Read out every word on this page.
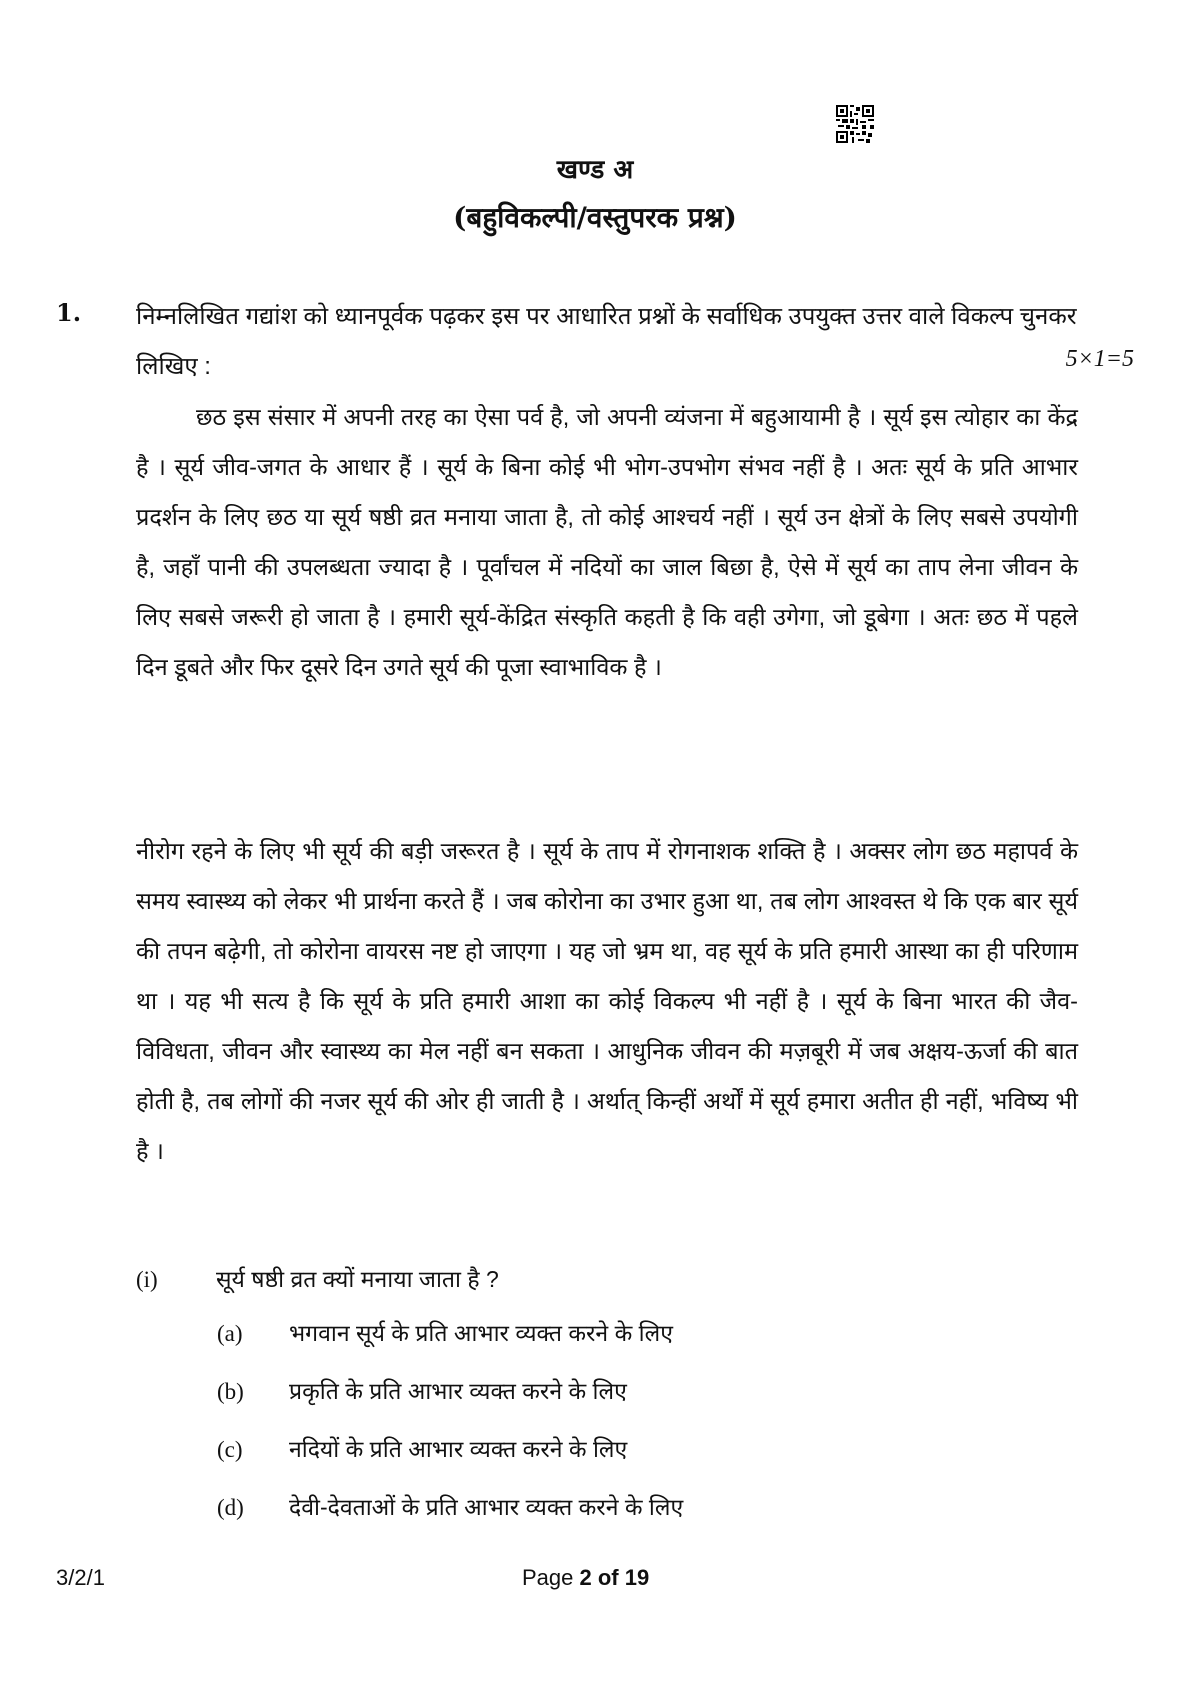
खण्ड अ
(बहुविकल्पी/वस्तुपरक प्रश्न)
1. निम्नलिखित गद्यांश को ध्यानपूर्वक पढ़कर इस पर आधारित प्रश्नों के सर्वाधिक उपयुक्त उत्तर वाले विकल्प चुनकर लिखिए :	5×1=5
छठ इस संसार में अपनी तरह का ऐसा पर्व है, जो अपनी व्यंजना में बहुआयामी है । सूर्य इस त्योहार का केंद्र है । सूर्य जीव-जगत के आधार हैं । सूर्य के बिना कोई भी भोग-उपभोग संभव नहीं है । अतः सूर्य के प्रति आभार प्रदर्शन के लिए छठ या सूर्य षष्ठी व्रत मनाया जाता है, तो कोई आश्चर्य नहीं । सूर्य उन क्षेत्रों के लिए सबसे उपयोगी है, जहाँ पानी की उपलब्धता ज्यादा है । पूर्वांचल में नदियों का जाल बिछा है, ऐसे में सूर्य का ताप लेना जीवन के लिए सबसे जरूरी हो जाता है । हमारी सूर्य-केंद्रित संस्कृति कहती है कि वही उगेगा, जो डूबेगा । अतः छठ में पहले दिन डूबते और फिर दूसरे दिन उगते सूर्य की पूजा स्वाभाविक है ।
नीरोग रहने के लिए भी सूर्य की बड़ी जरूरत है । सूर्य के ताप में रोगनाशक शक्ति है । अक्सर लोग छठ महापर्व के समय स्वास्थ्य को लेकर भी प्रार्थना करते हैं । जब कोरोना का उभार हुआ था, तब लोग आश्वस्त थे कि एक बार सूर्य की तपन बढ़ेगी, तो कोरोना वायरस नष्ट हो जाएगा । यह जो भ्रम था, वह सूर्य के प्रति हमारी आस्था का ही परिणाम था । यह भी सत्य है कि सूर्य के प्रति हमारी आशा का कोई विकल्प भी नहीं है । सूर्य के बिना भारत की जैव-विविधता, जीवन और स्वास्थ्य का मेल नहीं बन सकता । आधुनिक जीवन की मज़बूरी में जब अक्षय-ऊर्जा की बात होती है, तब लोगों की नजर सूर्य की ओर ही जाती है । अर्थात् किन्हीं अर्थों में सूर्य हमारा अतीत ही नहीं, भविष्य भी है ।
(i)	सूर्य षष्ठी व्रत क्यों मनाया जाता है ?
(a) भगवान सूर्य के प्रति आभार व्यक्त करने के लिए
(b) प्रकृति के प्रति आभार व्यक्त करने के लिए
(c) नदियों के प्रति आभार व्यक्त करने के लिए
(d) देवी-देवताओं के प्रति आभार व्यक्त करने के लिए
3/2/1	Page 2 of 19
